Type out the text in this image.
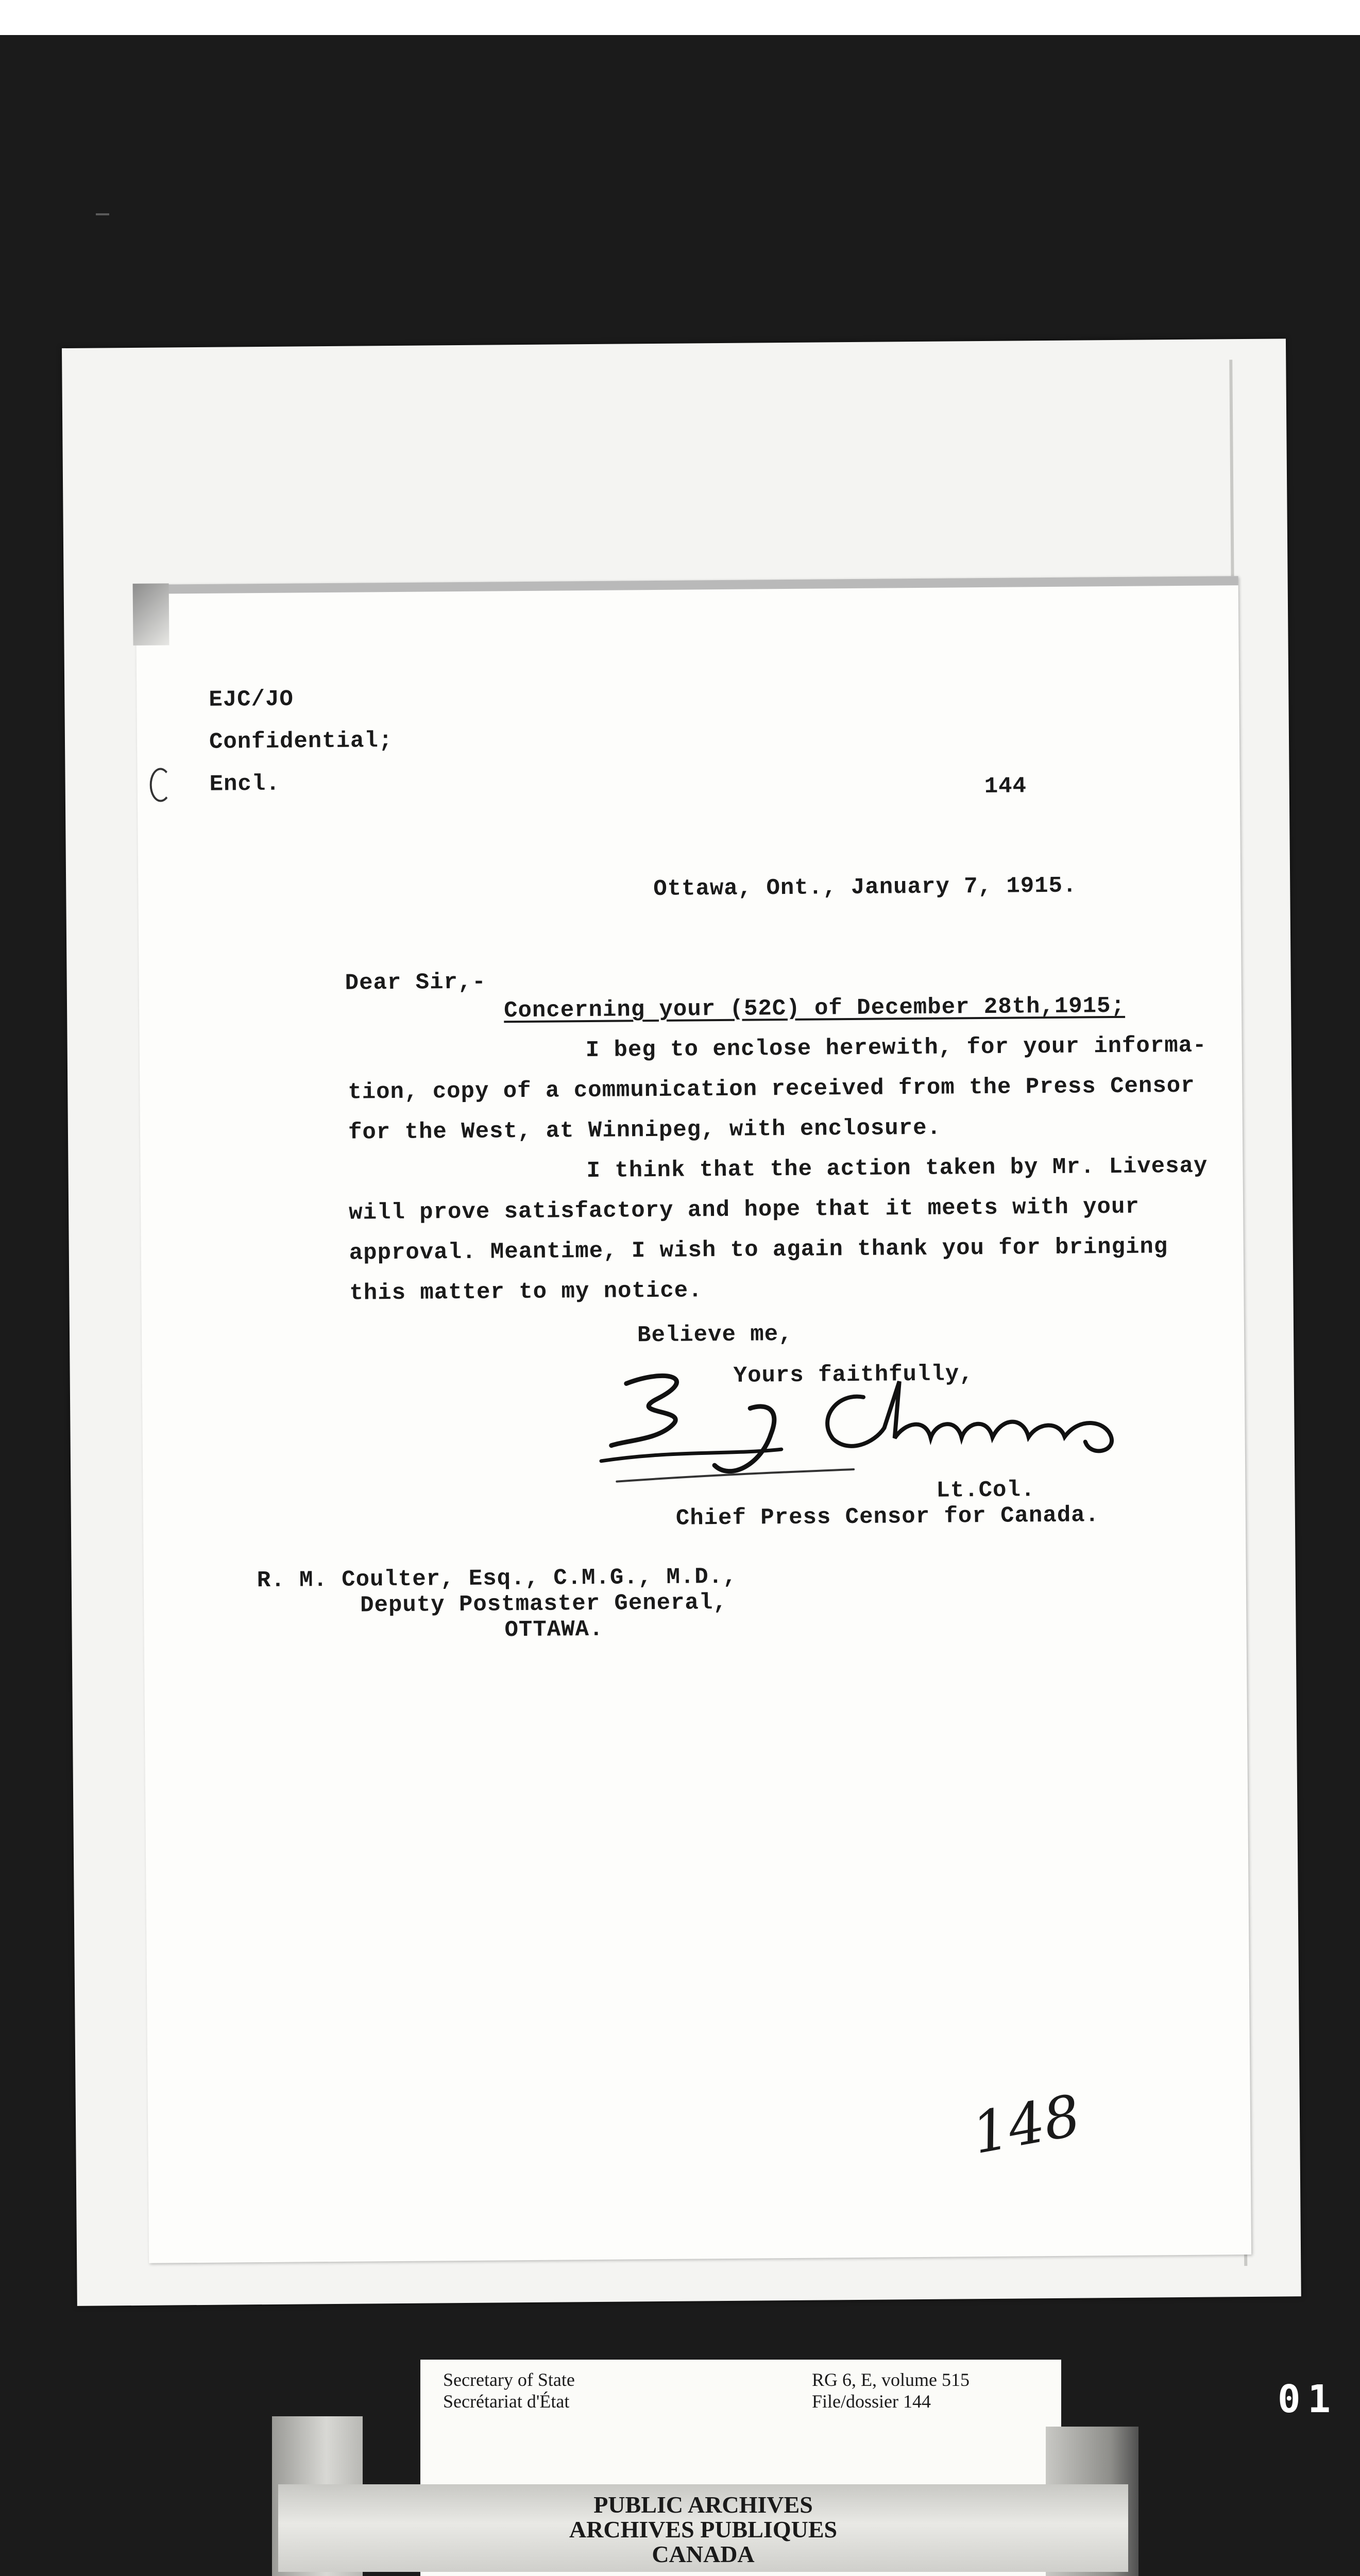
EJC/JO
Confidential;
Encl.	144
Ottawa, Ont., January 7, 1915.
Dear Sir,-
Concerning your (52C) of December 28th,1915;
I beg to enclose herewith, for your informa-
tion, copy of a communication received from the Press Censor
for the West, at Winnipeg, with enclosure.
I think that the action taken by Mr. Livesay
will prove satisfactory and hope that it meets with your
approval. Meantime, I wish to again thank you for bringing
this matter to my notice.
Believe me,
Yours faithfully,
Lt.Col.
Chief Press Censor for Canada.
R. M. Coulter, Esq., C.M.G., M.D.,
Deputy Postmaster General,
OTTAWA.
148
Secretary of State
Secrétariat d'État
RG 6, E, volume 515
File/dossier 144
PUBLIC ARCHIVES
ARCHIVES PUBLIQUES
CANADA
01
